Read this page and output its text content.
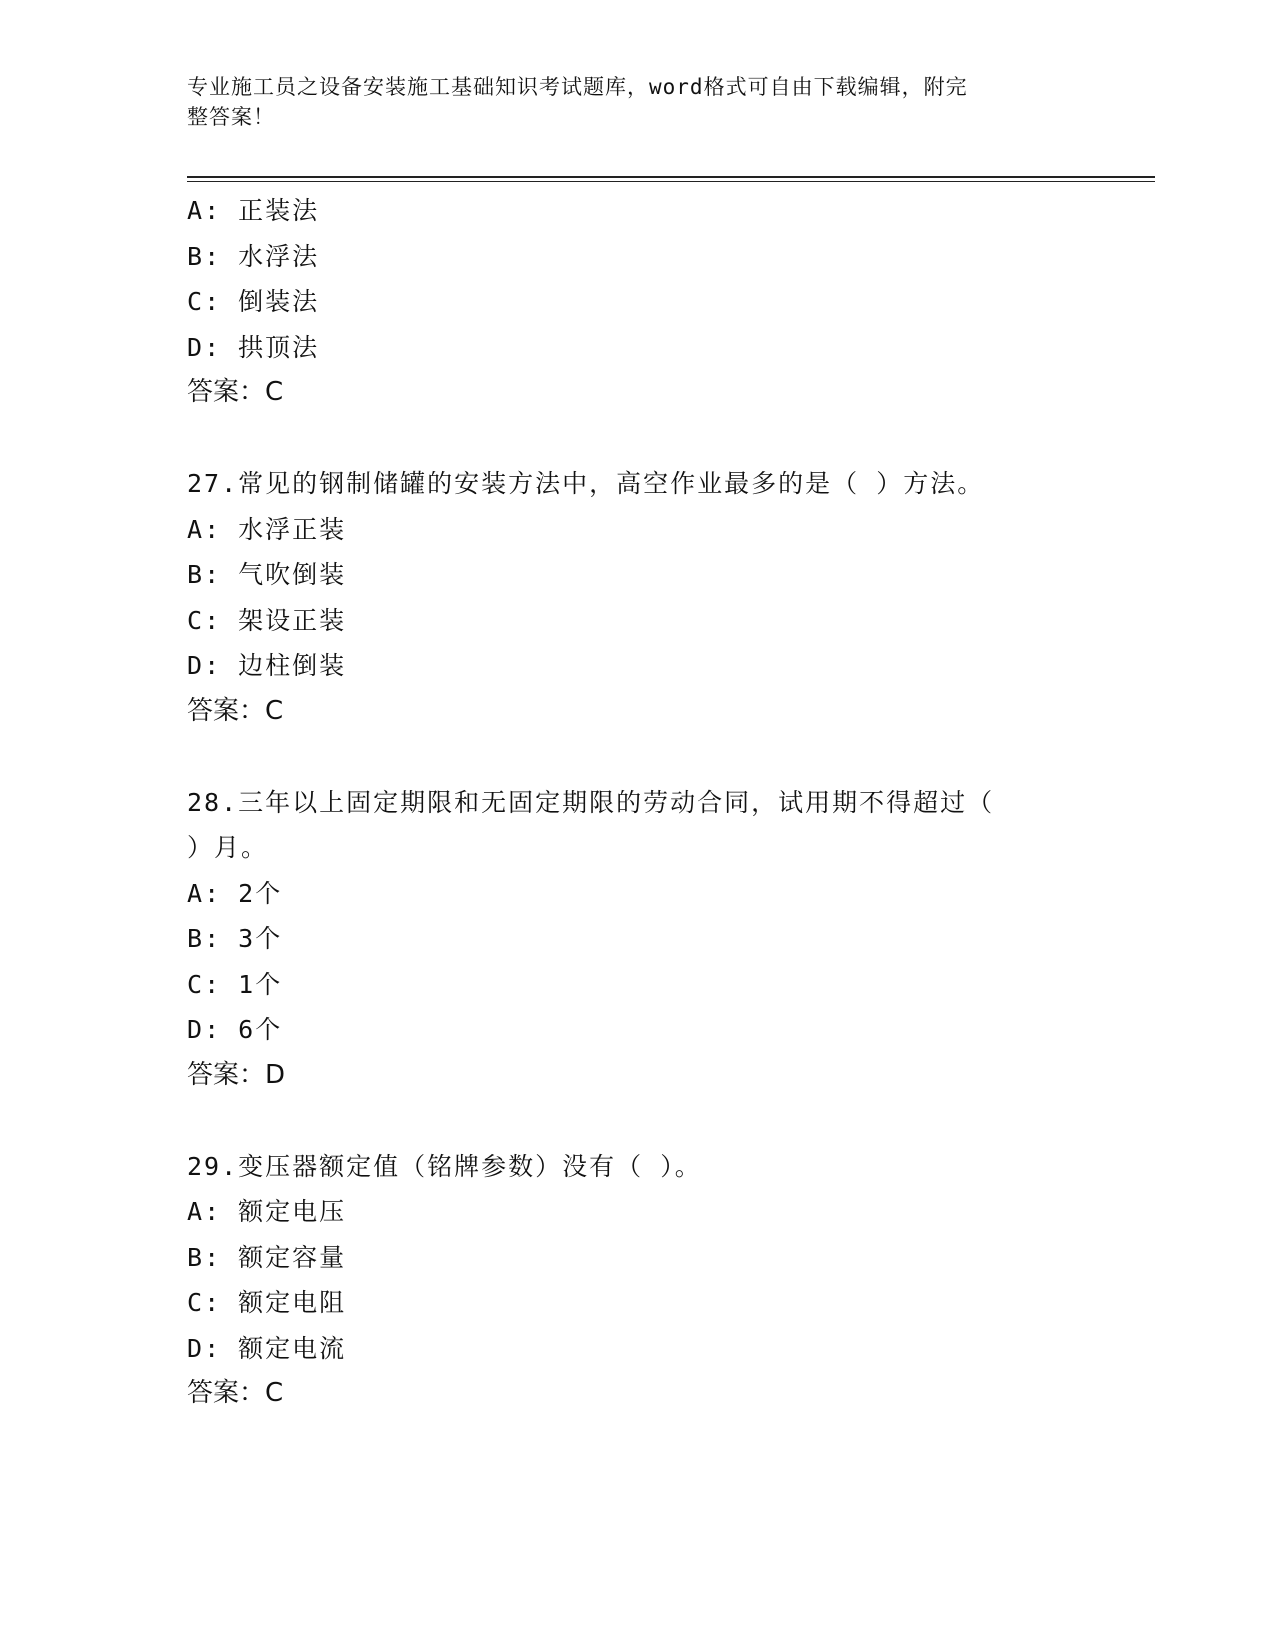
专业施工员之设备安装施工基础知识考试题库，word格式可自由下载编辑，附完
整答案！
A: 正装法
B: 水浮法
C: 倒装法
D: 拱顶法
答案：C
27.常见的钢制储罐的安装方法中，高空作业最多的是（ ）方法。
A: 水浮正装
B: 气吹倒装
C: 架设正装
D: 边柱倒装
答案：C
28.三年以上固定期限和无固定期限的劳动合同，试用期不得超过（
）月。
A: 2个
B: 3个
C: 1个
D: 6个
答案：D
29.变压器额定值（铭牌参数）没有（ ）。
A: 额定电压
B: 额定容量
C: 额定电阻
D: 额定电流
答案：C
